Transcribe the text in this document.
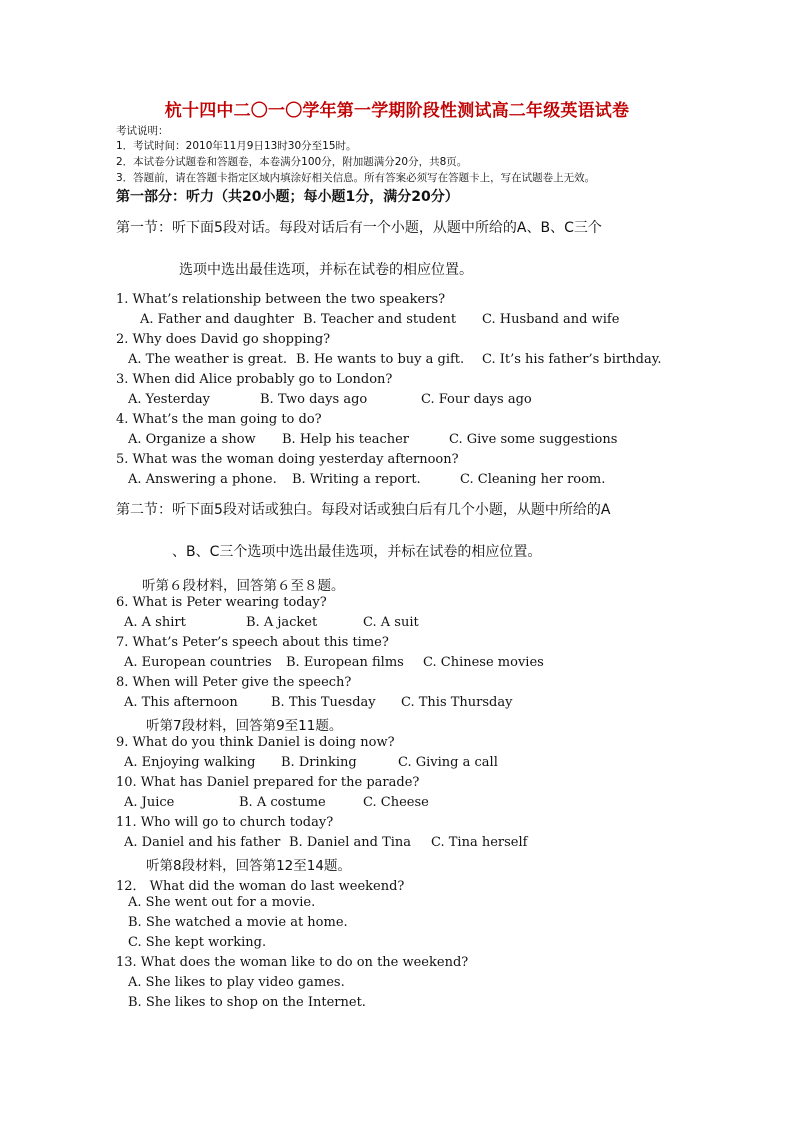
杭十四中二〇一〇学年第一学期阶段性测试高二年级英语试卷
考试说明：
1．考试时间：2010年11月9日13时30分至15时。
2．本试卷分试题卷和答题卷，本卷满分100分，附加题满分20分，共8页。
3．答题前，请在答题卡指定区域内填涂好相关信息。所有答案必须写在答题卡上，写在试题卷上无效。
第一部分：听力（共20小题；每小题1分，满分20分）
第一节：听下面5段对话。每段对话后有一个小题，从题中所给的A、B、C三个
选项中选出最佳选项，并标在试卷的相应位置。
1. What’s relationship between the two speakers?
A. Father and daughter B. Teacher and student C. Husband and wife
2. Why does David go shopping?
A. The weather is great. B. He wants to buy a gift. C. It’s his father’s birthday.
3. When did Alice probably go to London?
A. Yesterday	B. Two days ago	C. Four days ago
4. What’s the man going to do?
A. Organize a show B. Help his teacher	C. Give some suggestions
5. What was the woman doing yesterday afternoon?
A. Answering a phone. B. Writing a report.	C. Cleaning her room.
第二节：听下面5段对话或独白。每段对话或独白后有几个小题，从题中所给的A
、B、C三个选项中选出最佳选项，并标在试卷的相应位置。
听第６段材料，回答第６至８题。
6. What is Peter wearing today?
A. A shirt	B. A jacket	C. A suit
7. What’s Peter’s speech about this time?
A. European countries B. European films C. Chinese movies
8. When will Peter give the speech?
A. This afternoon	B. This Tuesday C. This Thursday
听第7段材料，回答第9至11题。
9. What do you think Daniel is doing now?
A. Enjoying walking B. Drinking	C. Giving a call
10. What has Daniel prepared for the parade?
A. Juice	B. A costume	C. Cheese
11. Who will go to church today?
A. Daniel and his father B. Daniel and Tina C. Tina herself
听第8段材料，回答第12至14题。
12． What did the woman do last weekend?
A. She went out for a movie.
B. She watched a movie at home.
C. She kept working.
13. What does the woman like to do on the weekend?
A. She likes to play video games.
B. She likes to shop on the Internet.
